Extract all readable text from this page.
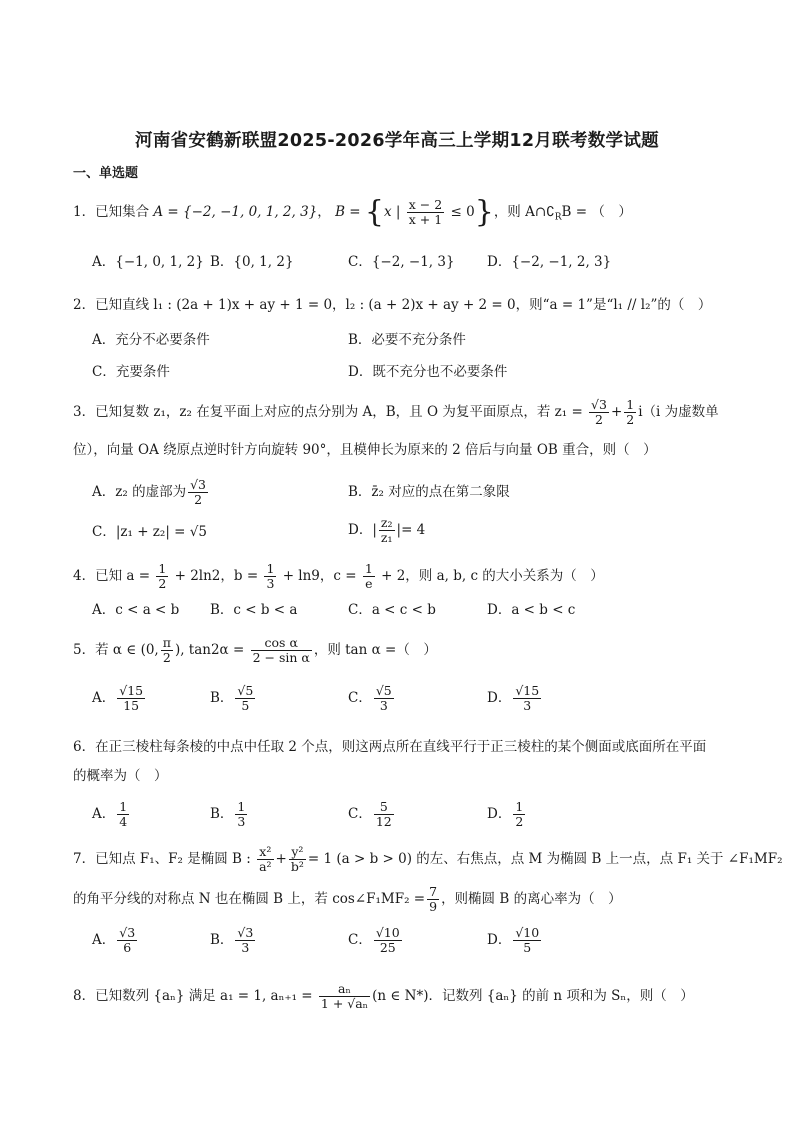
河南省安鹤新联盟2025-2026学年高三上学期12月联考数学试题
一、单选题
1．已知集合 A = {−2, −1, 0, 1, 2, 3}， B = {x | $\frac{x - 2}{x + 1} \le 0$}，则 $A\cap∁_RB$ = （　）
A．{−1, 0, 1, 2} B．{0, 1, 2}	C．{−2, −1, 3} D．{−2, −1, 2, 3}
2．已知直线 l₁ : (2a + 1)x + ay + 1 = 0，l₂ : (a + 2)x + ay + 2 = 0，则“a = 1”是“l₁ // l₂”的（　）
A．充分不必要条件	B．必要不充分条件
C．充要条件	D．既不充分也不必要条件
3．已知复数 z₁，z₂ 在复平面上对应的点分别为 A，B，且 O 为复平面原点，若 $z_1 = \frac{√3}{2} + \frac{1}{2} i(i$ 为虚数单
位），向量 OA 绕原点逆时针方向旋转 90°，且模伸长为原来的 2 倍后与向量 OB 重合，则（　）
A．z₂ 的虚部为 $\frac{√3}{2}$	B．z̄₂ 对应的点在第二象限
C．|z₁ + z₂| = √5	D．| $\frac{\text{z₂}}{\text{z₁}}$ |= 4
4．已知 $a = \frac{1}{2} + 2\ln 2$，$b = \frac{1}{3} + \ln 9$，$c = \frac{1}{e} + 2$，则 a, b, c 的大小关系为（　）
A．c < a < b B．c < b < a	C．a < c < b	D．a < b < c
5．若 α ∈ (0, $\frac{\pi}{2}$ ), $\tan 2\alpha = \frac{\text{cos α}}{\text{2 − sin α}}$ ，则 tan α =（　）
A． $\frac{√15}{15}$	B． $\frac{√5}{5}$	C． $\frac{√5}{3}$	D． $\frac{√15}{3}$
6．在正三棱柱每条棱的中点中任取 2 个点，则这两点所在直线平行于正三棱柱的某个侧面或底面所在平面
的概率为（　）
A． $\frac{1}{4}$	B． $\frac{1}{3}$	C． $\frac{5}{12}$	D． $\frac{1}{2}$
7．已知点 F₁、F₂ 是椭圆 B : $\frac{\text{x²}}{\text{a²}} + \frac{\text{y²}}{\text{b²}} = 1$ (a > b > 0) 的左、右焦点，点 M 为椭圆 B 上一点，点 F₁ 关于 ∠F₁MF₂
的角平分线的对称点 N 也在椭圆 B 上，若 cos∠F₁MF₂ = $\frac{7}{9}$ ，则椭圆 B 的离心率为（　）
A． $\frac{√3}{6}$	B． $\frac{√3}{3}$	C． $\frac{√10}{25}$	D． $\frac{√10}{5}$
8．已知数列 {aₙ} 满足 a₁ = 1, $a_{n+1} = \frac{\text{aₙ}}{\text{1 + √aₙ}} (n$ ∈ N*)．记数列 {aₙ} 的前 n 项和为 Sₙ，则（　）
